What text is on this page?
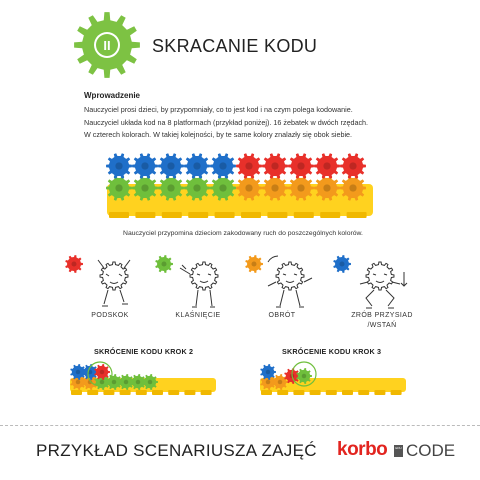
II SKRACANIE KODU
Wprowadzenie

Nauczyciel prosi dzieci, by przypomniały, co to jest kod i na czym polega kodowanie.

Nauczyciel układa kod na 8 platformach (przykład poniżej). 16 żebatek w dwóch rzędach.

W czterech kolorach. W takiej kolejności, by te same kolory znalazły się obok siebie.

Nauczyciel przypomina dzieciom zakodowany ruch do poszczególnych kolorów.
PODSKOK	KLAŚNIĘCIE	OBRÓT	ZRÓB PRZYSIAD
/WSTAŃ
SKRÓCENIE KODU KROK 2	SKRÓCENIE KODU KROK 3
PRZYKŁAD SCENARIUSZA ZAJĘĆ korbo	EDU CODE
